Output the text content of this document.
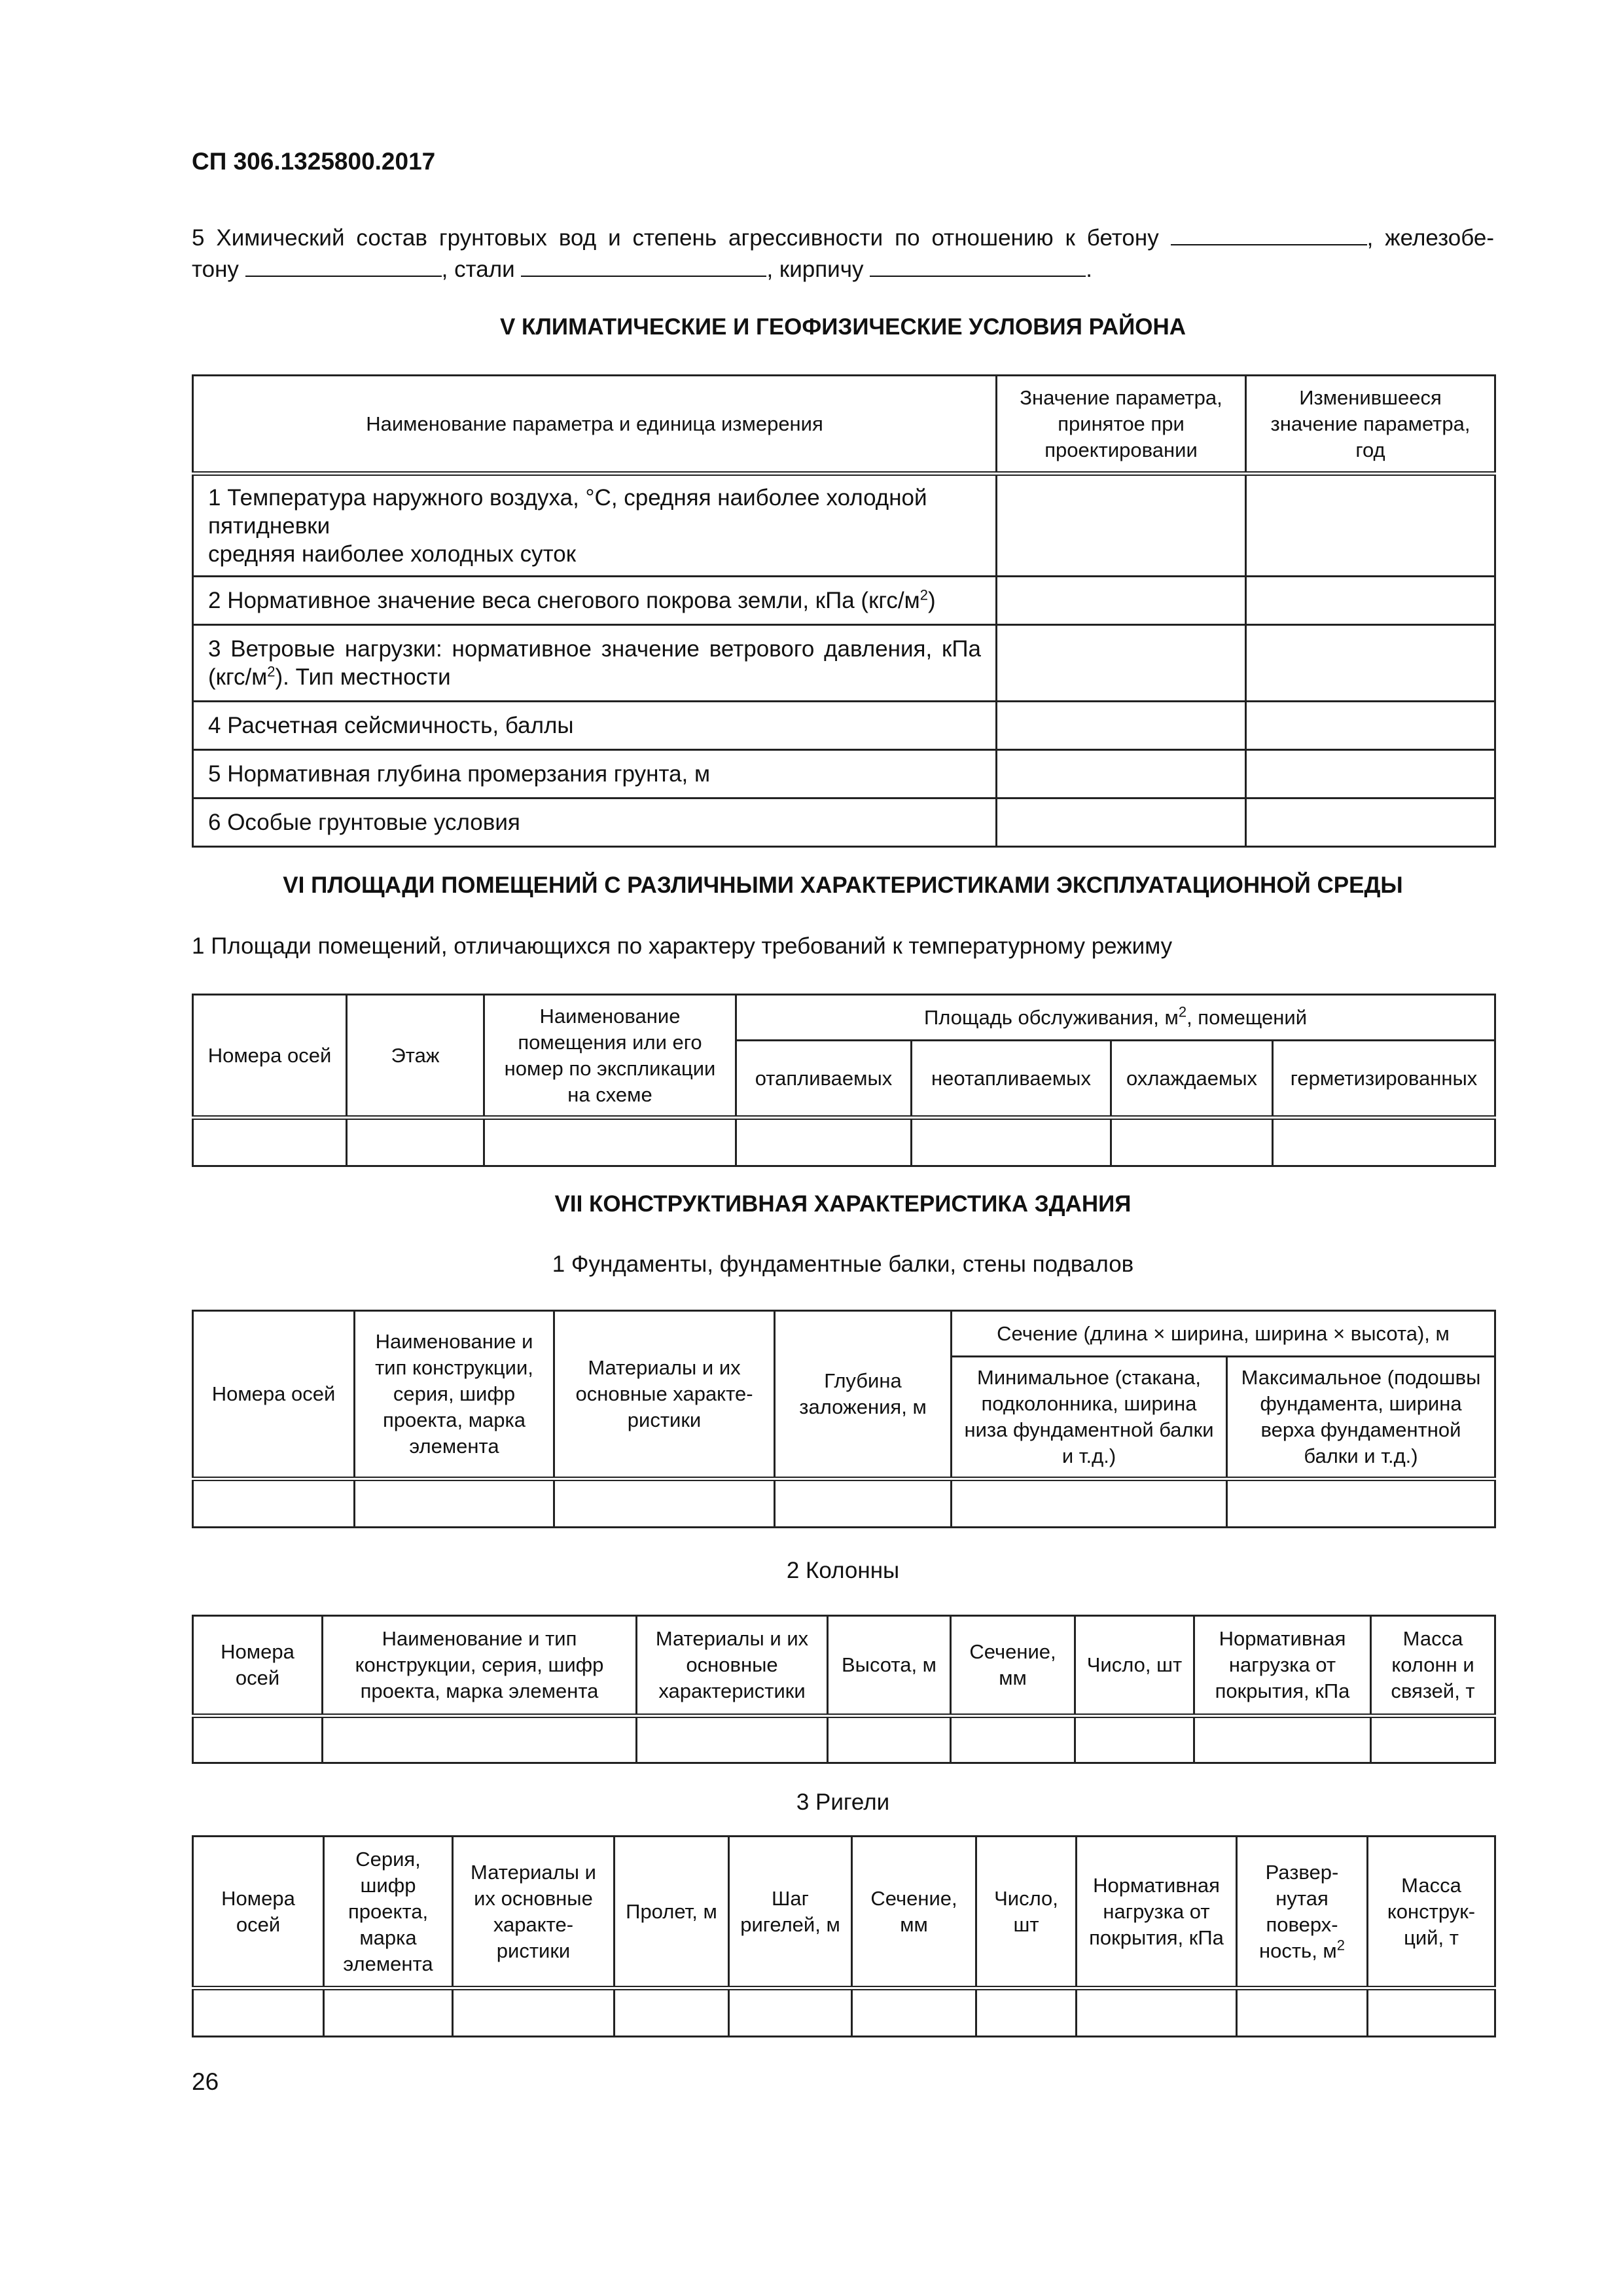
СП 306.1325800.2017
5 Химический состав грунтовых вод и степень агрессивности по отношению к бетону	, железобе-
тону	, стали	, кирпичу	.
V КЛИМАТИЧЕСКИЕ И ГЕОФИЗИЧЕСКИЕ УСЛОВИЯ РАЙОНА
Наименование параметра и единица измерения	Значение параметра, принятое при проектировании	Изменившееся значение параметра, год

1 Температура наружного воздуха, °С, средняя наиболее холодной пятидневки
средняя наиболее холодных суток		

2 Нормативное значение веса снегового покрова земли, кПа $(кгс/м^2)$		
3 Ветровые нагрузки: нормативное значение ветрового давления, кПа $(кгс/м^2)$. Тип местности		
4 Расчетная сейсмичность, баллы		
5 Нормативная глубина промерзания грунта, м		
6 Особые грунтовые условия		
VI ПЛОЩАДИ ПОМЕЩЕНИЙ С РАЗЛИЧНЫМИ ХАРАКТЕРИСТИКАМИ ЭКСПЛУАТАЦИОННОЙ СРЕДЫ
1 Площади помещений, отличающихся по характеру требований к температурному режиму
Номера осей	Этаж	Наименование помещения или его номер по экспликации на схеме	Площадь обслуживания, $м^2$, помещений			
			отапливаемых	неотапливаемых	охлаждаемых	герметизированных

VII КОНСТРУКТИВНАЯ ХАРАКТЕРИСТИКА ЗДАНИЯ
1 Фундаменты, фундаментные балки, стены подвалов
Номера осей	Наименование и тип конструкции, серия, шифр проекта, марка элемента	Материалы и их основные характеристики	Глубина заложения, м	Сечение (длина × ширина, ширина × высота), м	
				Минимальное (стакана, подколонника, ширина низа фундаментной балки и т.д.)	Максимальное (подошвы фундамента, ширина верха фундаментной балки и т.д.)

2 Колонны
Номера осей	Наименование и тип конструкции, серия, шифр проекта, марка элемента	Материалы и их основные характеристики	Высота, м	Сечение, мм	Число, шт	Нормативная нагрузка от покрытия, кПа	Масса колонн и связей, т

3 Ригели
Номера осей	Серия, шифр проекта, марка элемента	Материалы и их основные характеристики	Пролет, м	Шаг ригелей, м	Сечение, мм	Число, шт	Нормативная нагрузка от покрытия, кПа	Развернутая поверхность, $м^2$	Масса конструкций, т

26
